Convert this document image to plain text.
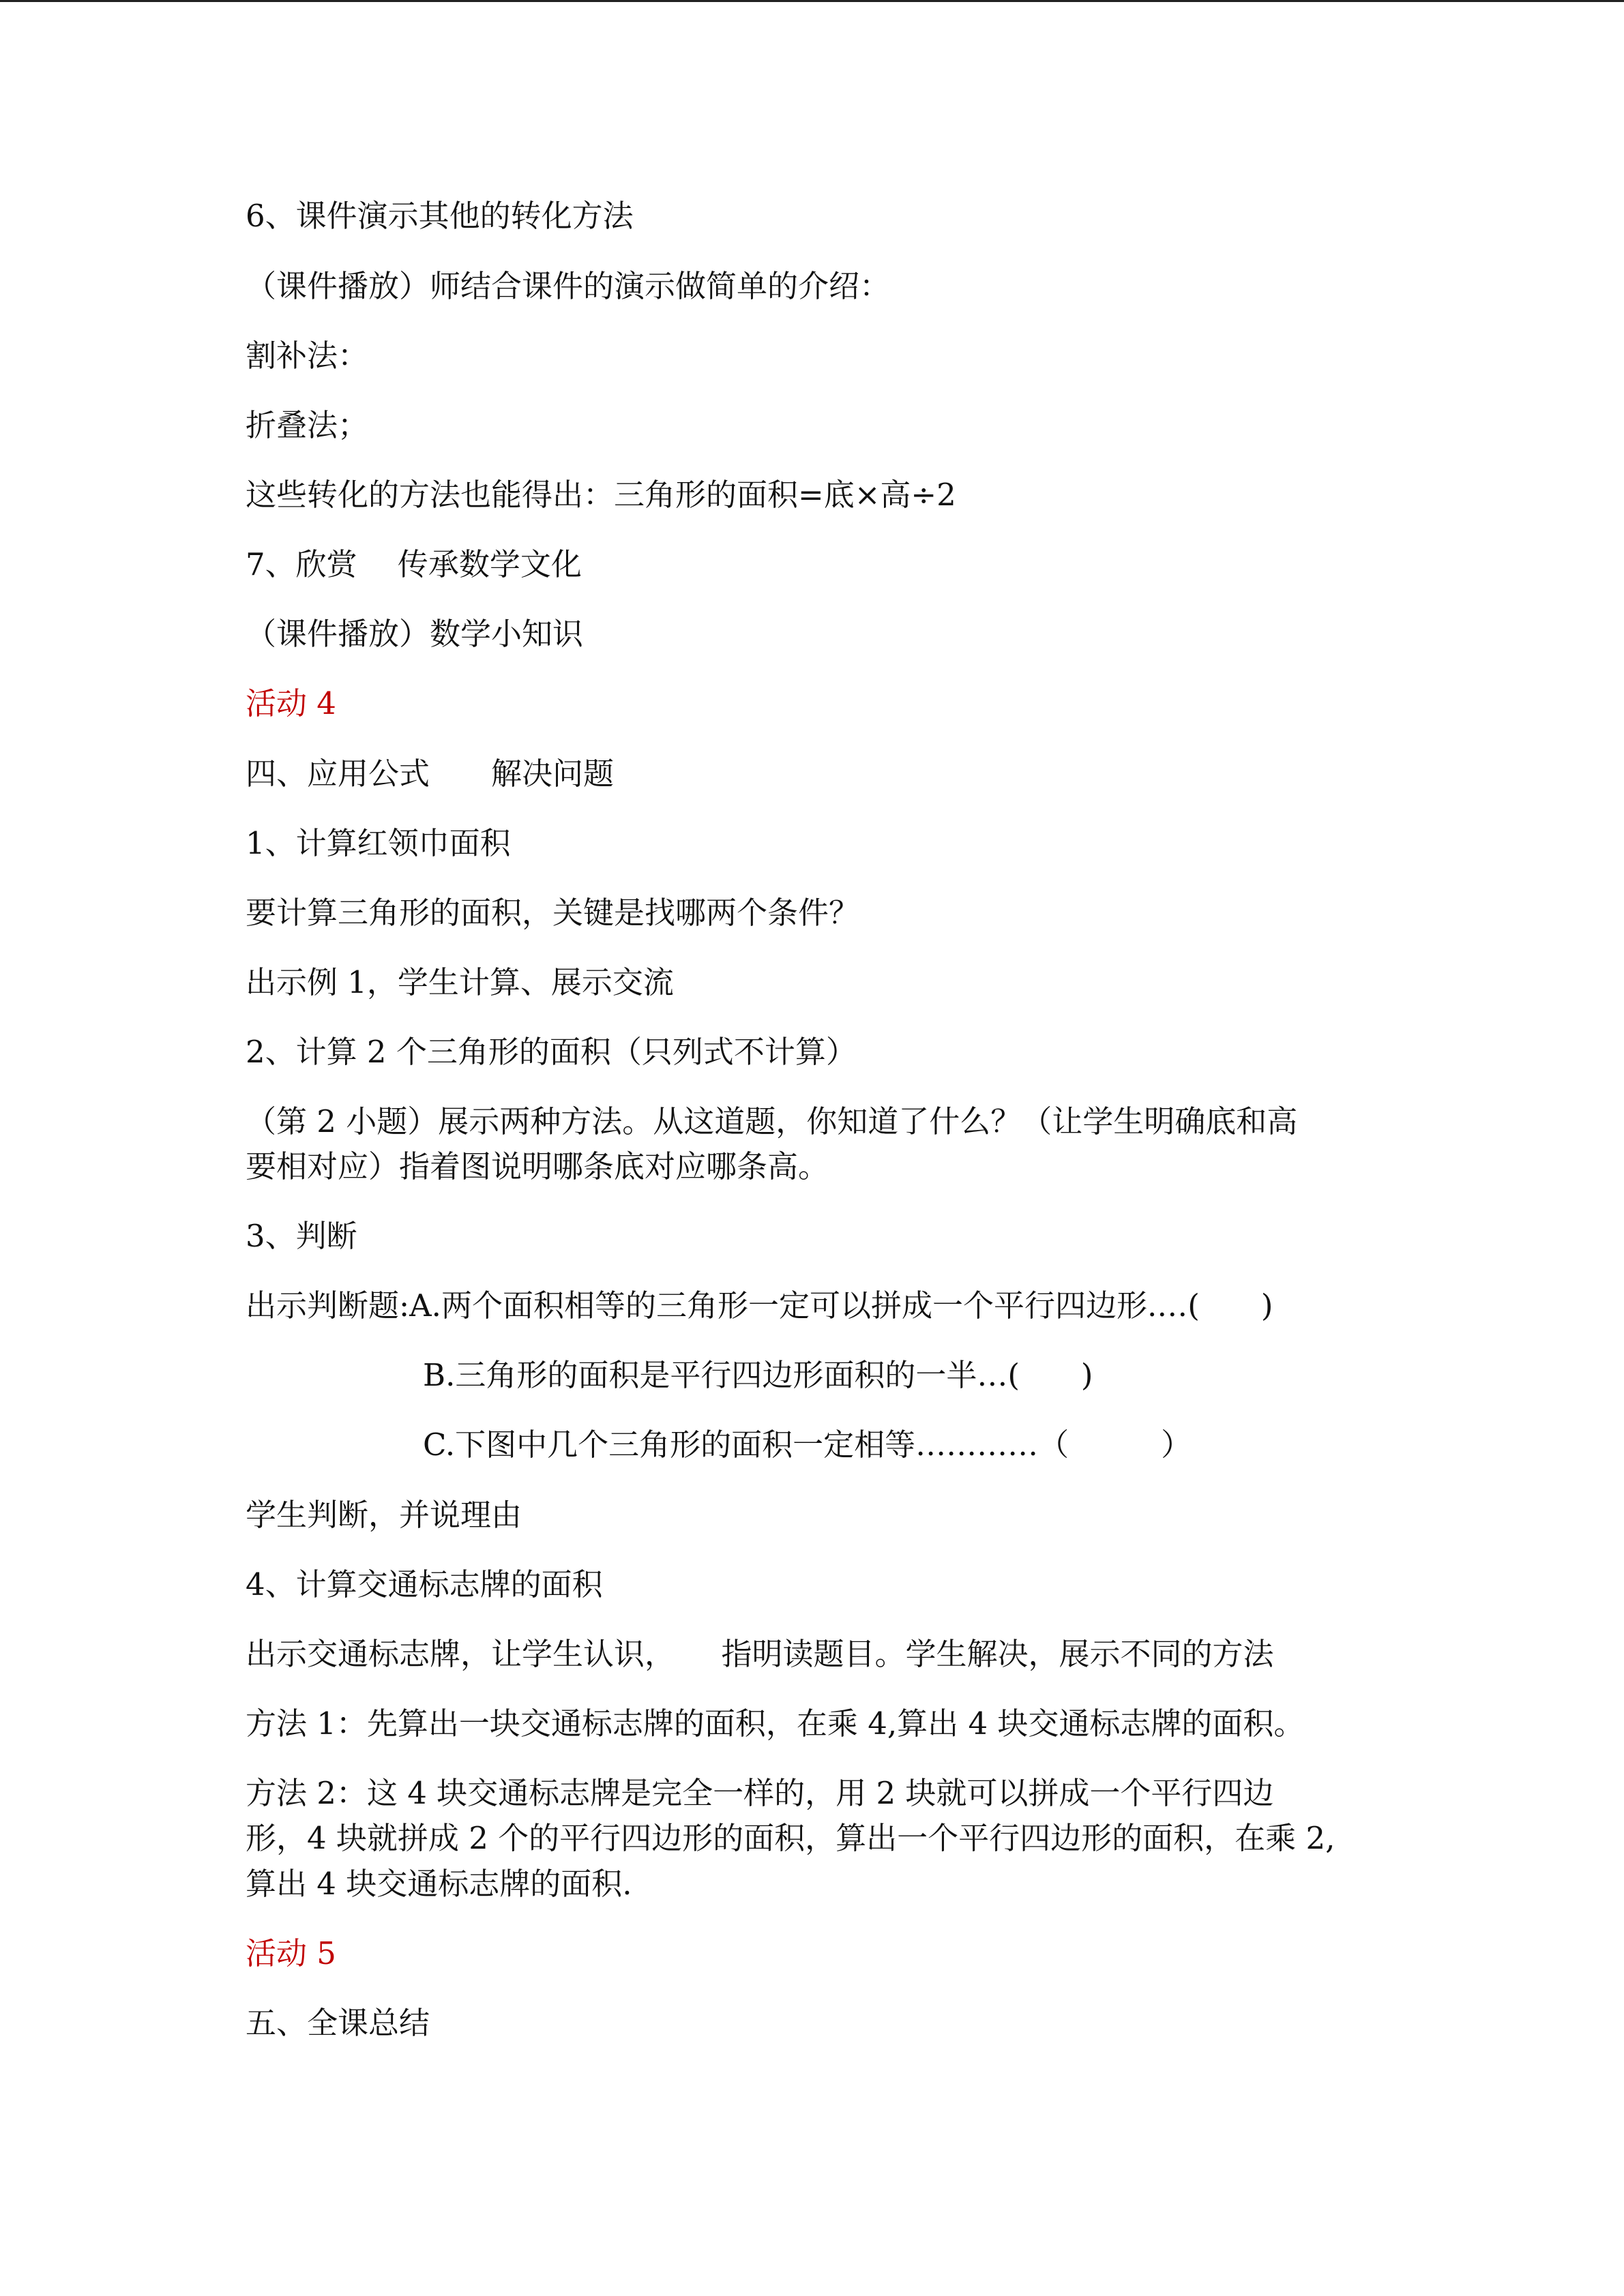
6、课件演示其他的转化方法

（课件播放）师结合课件的演示做简单的介绍：

割补法：

折叠法；

这些转化的方法也能得出：三角形的面积=底×高÷2

7、欣赏　 传承数学文化

（课件播放）数学小知识

活动 4

四、应用公式　　解决问题

1、计算红领巾面积

要计算三角形的面积，关键是找哪两个条件？

出示例 1，学生计算、展示交流

2、计算 2 个三角形的面积（只列式不计算）

（第 2 小题）展示两种方法。从这道题，你知道了什么？（让学生明确底和高

要相对应）指着图说明哪条底对应哪条高。

3、判断

出示判断题:A.两个面积相等的三角形一定可以拼成一个平行四边形.…(　　)

B.三角形的面积是平行四边形面积的一半…(　　)

C.下图中几个三角形的面积一定相等…………（　　　）

学生判断，并说理由

4、计算交通标志牌的面积

出示交通标志牌，让学生认识，　　指明读题目。学生解决，展示不同的方法

方法 1：先算出一块交通标志牌的面积，在乘 4,算出 4 块交通标志牌的面积。

方法 2：这 4 块交通标志牌是完全一样的，用 2 块就可以拼成一个平行四边

形，4 块就拼成 2 个的平行四边形的面积，算出一个平行四边形的面积，在乘 2,

算出 4 块交通标志牌的面积.

活动 5

五、全课总结
